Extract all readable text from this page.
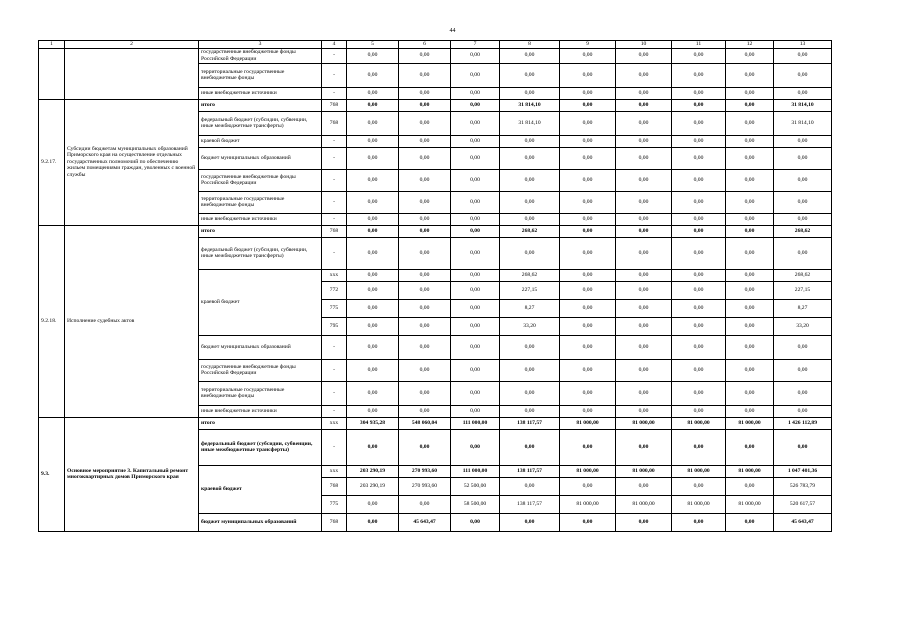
44
1	2	3	4	5	6	7	8	9	10	11	12	13
		государственные внебюджетные фонды Российской Федерации	-	0,00	0,00	0,00	0,00	0,00	0,00	0,00	0,00	0,00
		территориальные государственные внебюджетные фонды	-	0,00	0,00	0,00	0,00	0,00	0,00	0,00	0,00	0,00
		иные внебюджетные источники	-	0,00	0,00	0,00	0,00	0,00	0,00	0,00	0,00	0,00
9.2.17.	Субсидии бюджетам муниципальных образований Приморского края на осуществление отдельных государственных полномочий по обеспечению жильем помещениями граждан, уволенных с военной службы	итого	768	0,00	0,00	0,00	31 814,10	0,00	0,00	0,00	0,00	31 814,10
		федеральный бюджет (субсидии, субвенции, иные межбюджетные трансферты)	768	0,00	0,00	0,00	31 814,10	0,00	0,00	0,00	0,00	31 814,10
		краевой бюджет	-	0,00	0,00	0,00	0,00	0,00	0,00	0,00	0,00	0,00
		бюджет муниципальных образований	-	0,00	0,00	0,00	0,00	0,00	0,00	0,00	0,00	0,00
		государственные внебюджетные фонды Российской Федерации	-	0,00	0,00	0,00	0,00	0,00	0,00	0,00	0,00	0,00
		территориальные государственные внебюджетные фонды	-	0,00	0,00	0,00	0,00	0,00	0,00	0,00	0,00	0,00
		иные внебюджетные источники	-	0,00	0,00	0,00	0,00	0,00	0,00	0,00	0,00	0,00
9.2.18.	Исполнение судебных актов	итого	768	0,00	0,00	0,00	268,62	0,00	0,00	0,00	0,00	268,62
		федеральный бюджет (субсидии, субвенции, иные межбюджетные трансферты)	-	0,00	0,00	0,00	0,00	0,00	0,00	0,00	0,00	0,00
		краевой бюджет	ххх	0,00	0,00	0,00	268,62	0,00	0,00	0,00	0,00	268,62
			772	0,00	0,00	0,00	227,15	0,00	0,00	0,00	0,00	227,15
			775	0,00	0,00	0,00	8,27	0,00	0,00	0,00	0,00	8,27
			795	0,00	0,00	0,00	33,20	0,00	0,00	0,00	0,00	33,20
		бюджет муниципальных образований	-	0,00	0,00	0,00	0,00	0,00	0,00	0,00	0,00	0,00
		государственные внебюджетные фонды Российской Федерации	-	0,00	0,00	0,00	0,00	0,00	0,00	0,00	0,00	0,00
		территориальные государственные внебюджетные фонды	-	0,00	0,00	0,00	0,00	0,00	0,00	0,00	0,00	0,00
		иные внебюджетные источники	-	0,00	0,00	0,00	0,00	0,00	0,00	0,00	0,00	0,00
9.3.	Основное мероприятие 3. Капитальный ремонт многоквартирных домов Приморского края	итого	ххх	304 935,28	548 060,04	111 000,00	138 117,57	81 000,00	81 000,00	81 000,00	81 000,00	1 426 112,89
		федеральный бюджет (субсидии, субвенции, иные межбюджетные трансферты)	-	0,00	0,00	0,00	0,00	0,00	0,00	0,00	0,00	0,00
		краевой бюджет	ххх	203 290,19	270 993,60	111 000,00	138 117,57	81 000,00	81 000,00	81 000,00	81 000,00	1 047 401,36
			768	203 290,19	270 993,60	52 500,00	0,00	0,00	0,00	0,00	0,00	526 783,79
			775	0,00	0,00	58 500,00	138 117,57	81 000,00	81 000,00	81 000,00	81 000,00	520 617,57
		бюджет муниципальных образований	768	0,00	45 643,47	0,00	0,00	0,00	0,00	0,00	0,00	45 643,47
